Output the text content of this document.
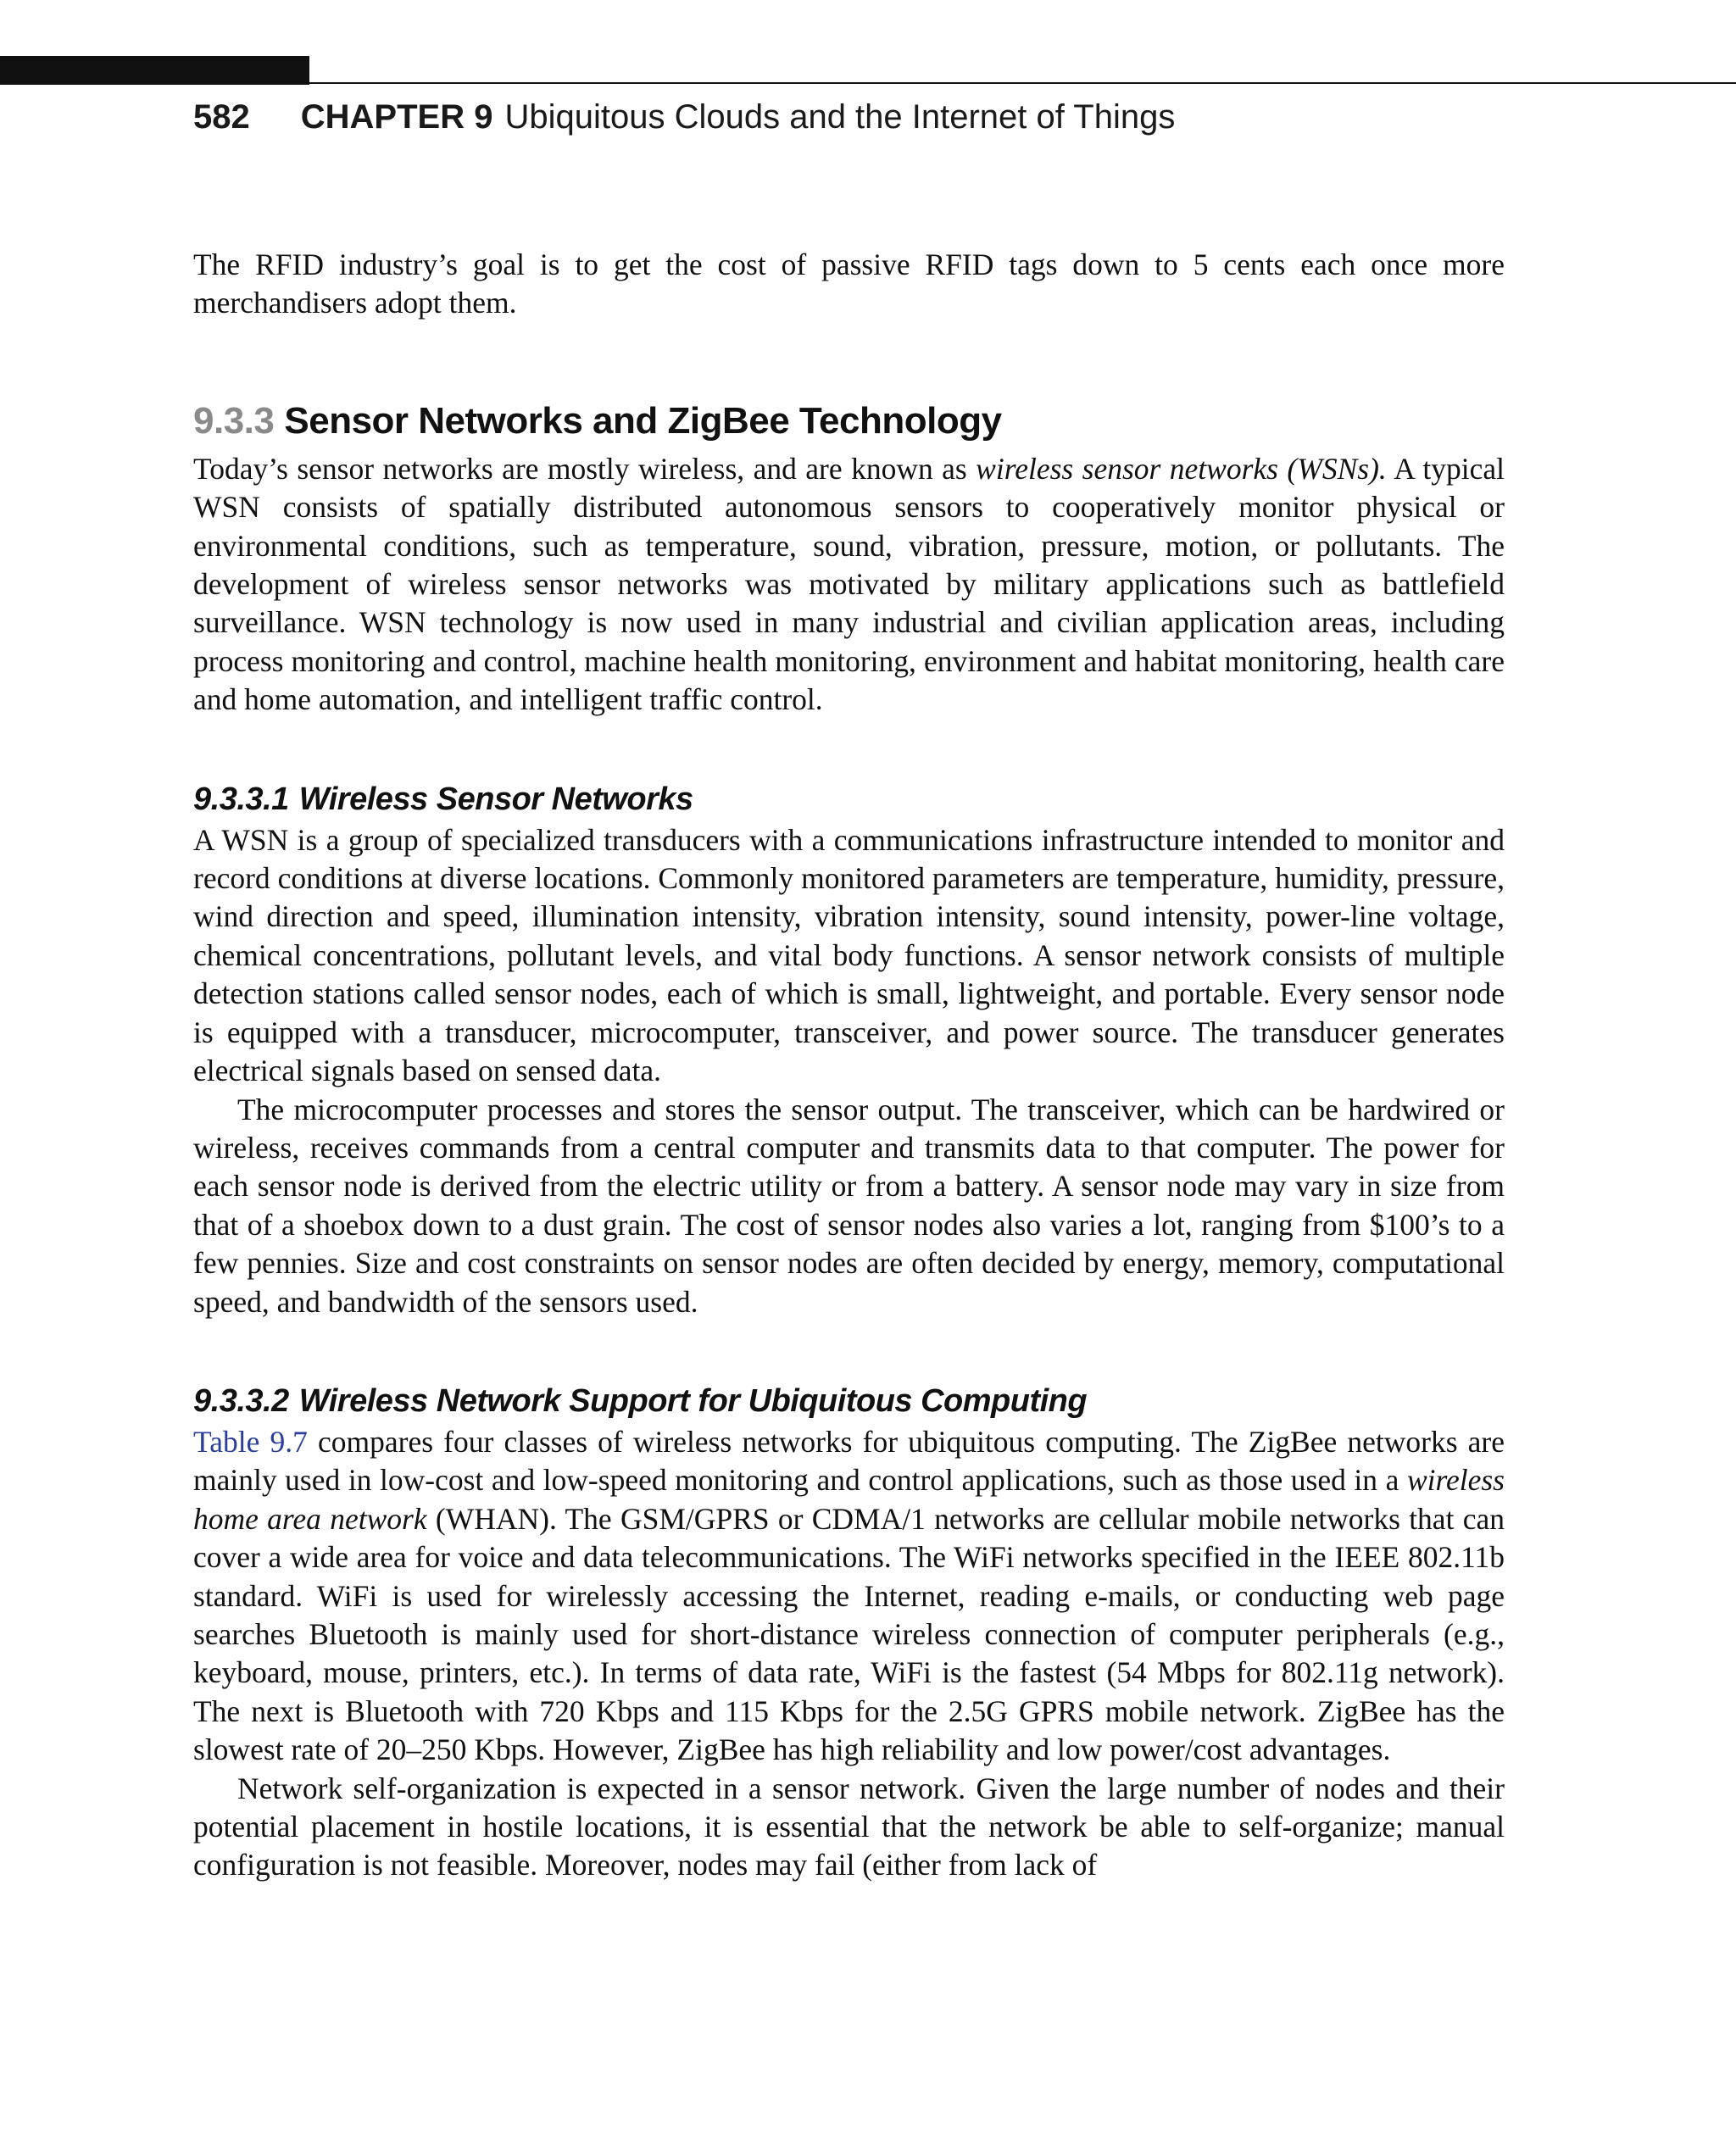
582 CHAPTER 9 Ubiquitous Clouds and the Internet of Things

The RFID industry’s goal is to get the cost of passive RFID tags down to 5 cents each once more merchandisers adopt them.

9.3.3 Sensor Networks and ZigBee Technology

Today’s sensor networks are mostly wireless, and are known as wireless sensor networks (WSNs). A typical WSN consists of spatially distributed autonomous sensors to cooperatively monitor physical or environmental conditions, such as temperature, sound, vibration, pressure, motion, or pollutants. The development of wireless sensor networks was motivated by military applications such as battlefield surveillance. WSN technology is now used in many industrial and civilian application areas, including process monitoring and control, machine health monitoring, environment and habitat monitoring, health care and home automation, and intelligent traffic control.

9.3.3.1 Wireless Sensor Networks

A WSN is a group of specialized transducers with a communications infrastructure intended to monitor and record conditions at diverse locations. Commonly monitored parameters are temperature, humidity, pressure, wind direction and speed, illumination intensity, vibration intensity, sound intensity, power-line voltage, chemical concentrations, pollutant levels, and vital body functions. A sensor network consists of multiple detection stations called sensor nodes, each of which is small, lightweight, and portable. Every sensor node is equipped with a transducer, microcomputer, transceiver, and power source. The transducer generates electrical signals based on sensed data.

The microcomputer processes and stores the sensor output. The transceiver, which can be hardwired or wireless, receives commands from a central computer and transmits data to that computer. The power for each sensor node is derived from the electric utility or from a battery. A sensor node may vary in size from that of a shoebox down to a dust grain. The cost of sensor nodes also varies a lot, ranging from $100’s to a few pennies. Size and cost constraints on sensor nodes are often decided by energy, memory, computational speed, and bandwidth of the sensors used.

9.3.3.2 Wireless Network Support for Ubiquitous Computing

Table 9.7 compares four classes of wireless networks for ubiquitous computing. The ZigBee networks are mainly used in low-cost and low-speed monitoring and control applications, such as those used in a wireless home area network (WHAN). The GSM/GPRS or CDMA/1 networks are cellular mobile networks that can cover a wide area for voice and data telecommunications. The WiFi networks specified in the IEEE 802.11b standard. WiFi is used for wirelessly accessing the Internet, reading e-mails, or conducting web page searches Bluetooth is mainly used for short-distance wireless connection of computer peripherals (e.g., keyboard, mouse, printers, etc.). In terms of data rate, WiFi is the fastest (54 Mbps for 802.11g network). The next is Bluetooth with 720 Kbps and 115 Kbps for the 2.5G GPRS mobile network. ZigBee has the slowest rate of 20–250 Kbps. However, ZigBee has high reliability and low power/cost advantages.

Network self-organization is expected in a sensor network. Given the large number of nodes and their potential placement in hostile locations, it is essential that the network be able to self-organize; manual configuration is not feasible. Moreover, nodes may fail (either from lack of
